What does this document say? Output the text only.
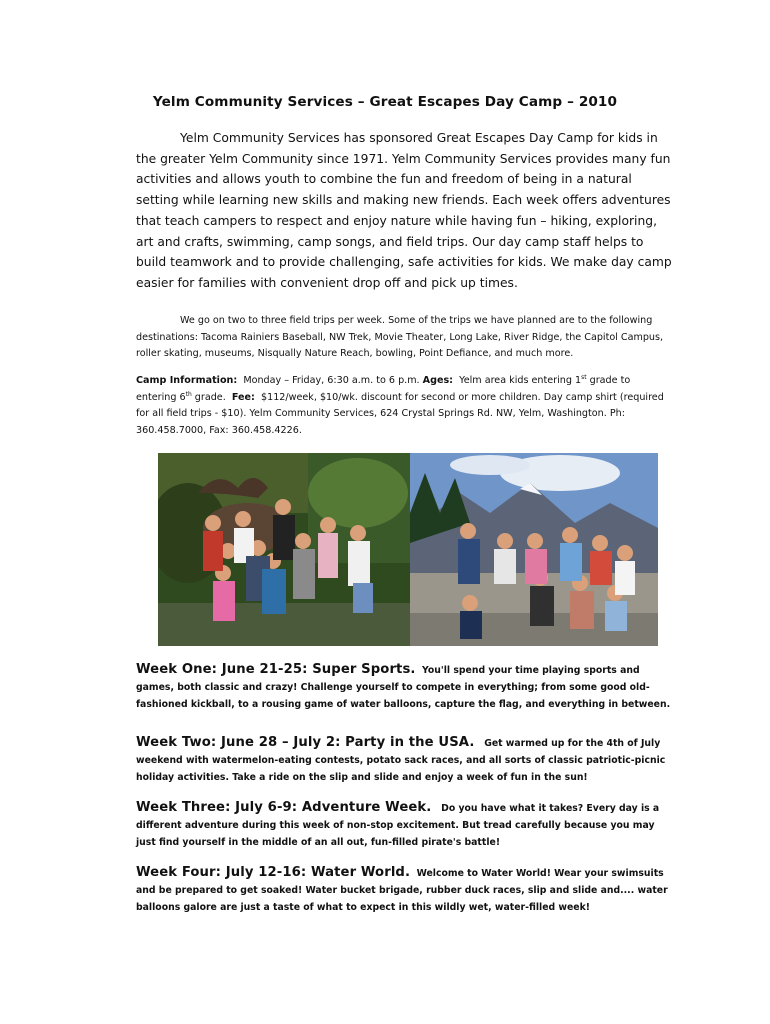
Yelm Community Services – Great Escapes Day Camp – 2010

Yelm Community Services has sponsored Great Escapes Day Camp for kids in the greater Yelm Community since 1971. Yelm Community Services provides many fun activities and allows youth to combine the fun and freedom of being in a natural setting while learning new skills and making new friends. Each week offers adventures that teach campers to respect and enjoy nature while having fun – hiking, exploring, art and crafts, swimming, camp songs, and field trips. Our day camp staff helps to build teamwork and to provide challenging, safe activities for kids. We make day camp easier for families with convenient drop off and pick up times.

We go on two to three field trips per week. Some of the trips we have planned are to the following destinations: Tacoma Rainiers Baseball, NW Trek, Movie Theater, Long Lake, River Ridge, the Capitol Campus, roller skating, museums, Nisqually Nature Reach, bowling, Point Defiance, and much more.

Camp Information: Monday – Friday, 6:30 a.m. to 6 p.m. Ages: Yelm area kids entering 1st grade to entering 6th grade. Fee: $112/week, $10/wk. discount for second or more children. Day camp shirt (required for all field trips - $10). Yelm Community Services, 624 Crystal Springs Rd. NW, Yelm, Washington. Ph: 360.458.7000, Fax: 360.458.4226.

Week One: June 21-25: Super Sports. You'll spend your time playing sports and games, both classic and crazy! Challenge yourself to compete in everything; from some good old-fashioned kickball, to a rousing game of water balloons, capture the flag, and everything in between.

Week Two: June 28 – July 2: Party in the USA. Get warmed up for the 4th of July weekend with watermelon-eating contests, potato sack races, and all sorts of classic patriotic-picnic holiday activities. Take a ride on the slip and slide and enjoy a week of fun in the sun!

Week Three: July 6-9: Adventure Week. Do you have what it takes? Every day is a different adventure during this week of non-stop excitement. But tread carefully because you may just find yourself in the middle of an all out, fun-filled pirate's battle!

Week Four: July 12-16: Water World. Welcome to Water World! Wear your swimsuits and be prepared to get soaked! Water bucket brigade, rubber duck races, slip and slide and.... water balloons galore are just a taste of what to expect in this wildly wet, water-filled week!
